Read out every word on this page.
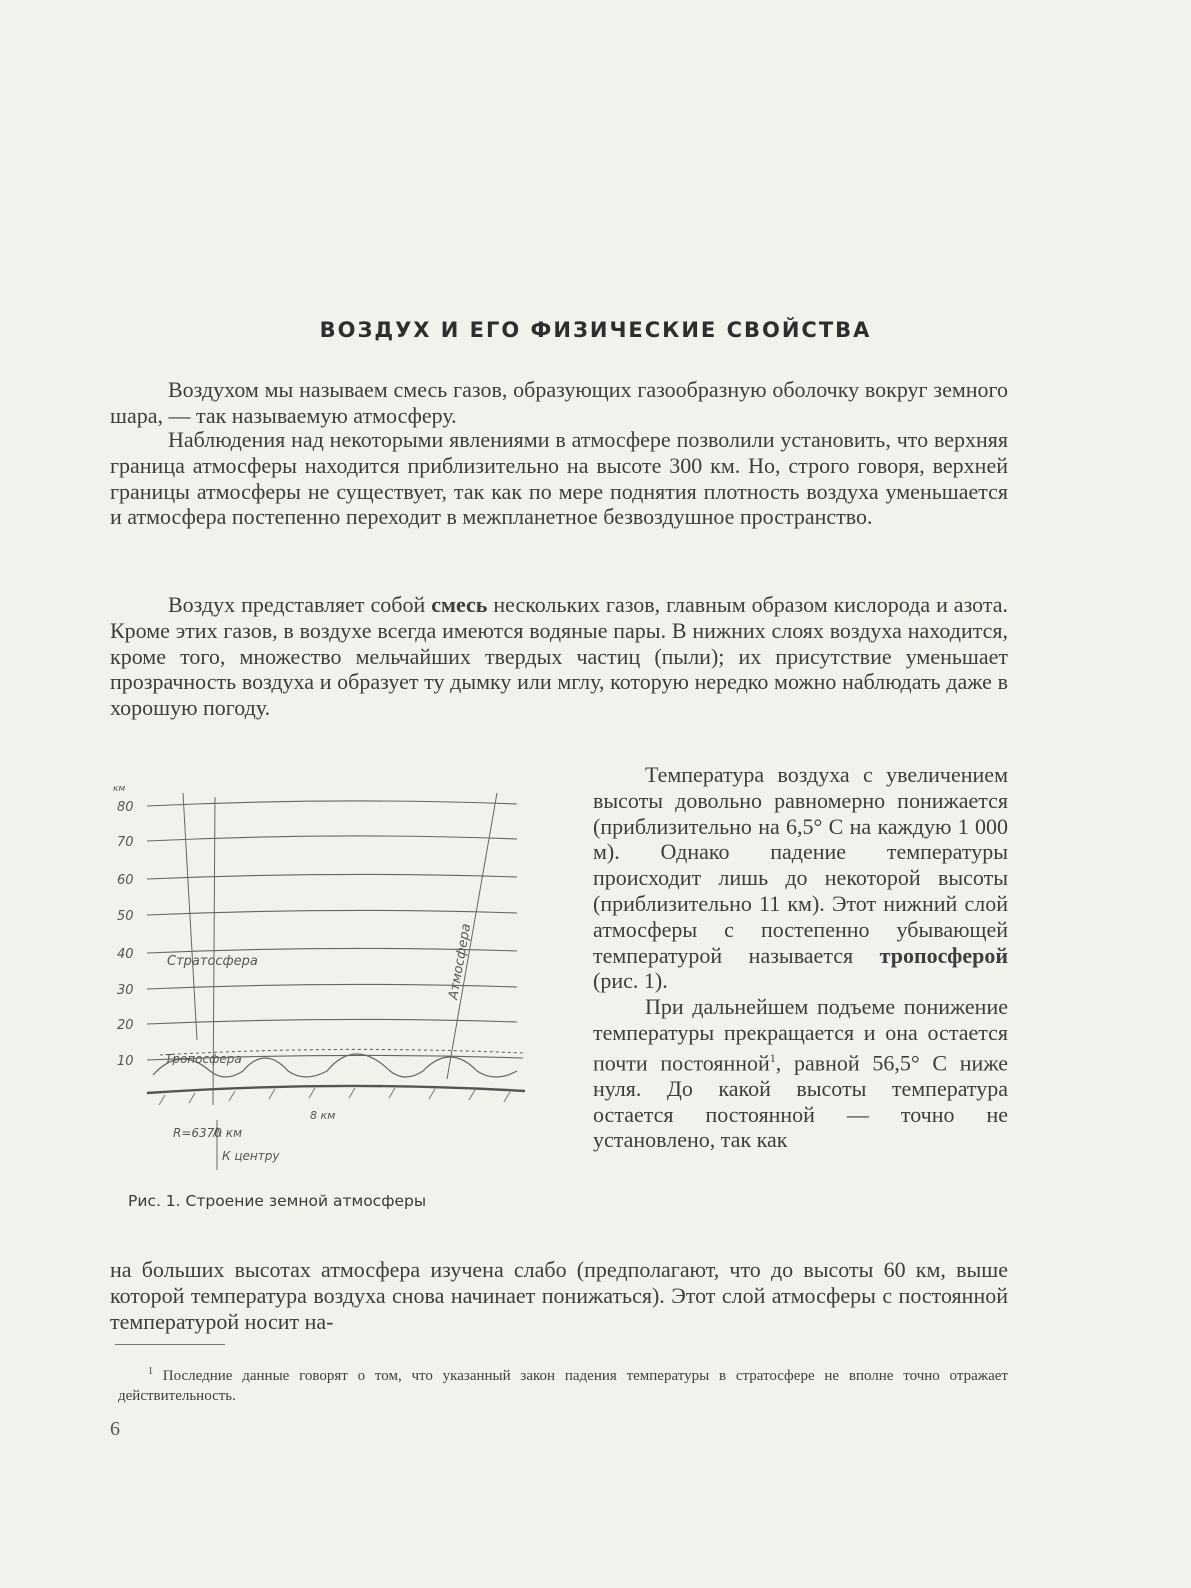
ВОЗДУХ И ЕГО ФИЗИЧЕСКИЕ СВОЙСТВА

Воздухом мы называем смесь газов, образующих газообразную оболочку вокруг земного шара, — так называемую атмосферу.

Наблюдения над некоторыми явлениями в атмосфере позволили установить, что верхняя граница атмосферы находится приблизительно на высоте 300 км. Но, строго говоря, верхней границы атмосферы не существует, так как по мере поднятия плотность воздуха уменьшается и атмосфера постепенно переходит в межпланетное безвоздушное пространство.

Воздух представляет собой смесь нескольких газов, главным образом кислорода и азота. Кроме этих газов, в воздухе всегда имеются водяные пары. В нижних слоях воздуха находится, кроме того, множество мельчайших твердых частиц (пыли); их присутствие уменьшает прозрачность воздуха и образует ту дымку или мглу, которую нередко можно наблюдать даже в хорошую погоду.

км
80
70
60
50
40
30
20
10
Стратосфера	Атмосфера
Тропосфера
8 км
R=6370 км
К центру
Рис. 1. Строение земной атмосферы

Температура воздуха с увеличением высоты довольно равномерно понижается (приблизительно на 6,5° С на каждую 1 000 м). Однако падение температуры происходит лишь до некоторой высоты (приблизительно 11 км). Этот нижний слой атмосферы с постепенно убывающей температурой называется тропосферой (рис. 1).

При дальнейшем подъеме понижение температуры прекращается и она остается почти постоянной$^1$, равной 56,5° С ниже нуля. До какой высоты температура остается постоянной — точно не установлено, так как

на больших высотах атмосфера изучена слабо (предполагают, что до высоты 60 км, выше которой температура воздуха снова начинает понижаться). Этот слой атмосферы с постоянной температурой носит на-

$^1$ Последние данные говорят о том, что указанный закон падения температуры в стратосфере не вполне точно отражает действительность.
6
